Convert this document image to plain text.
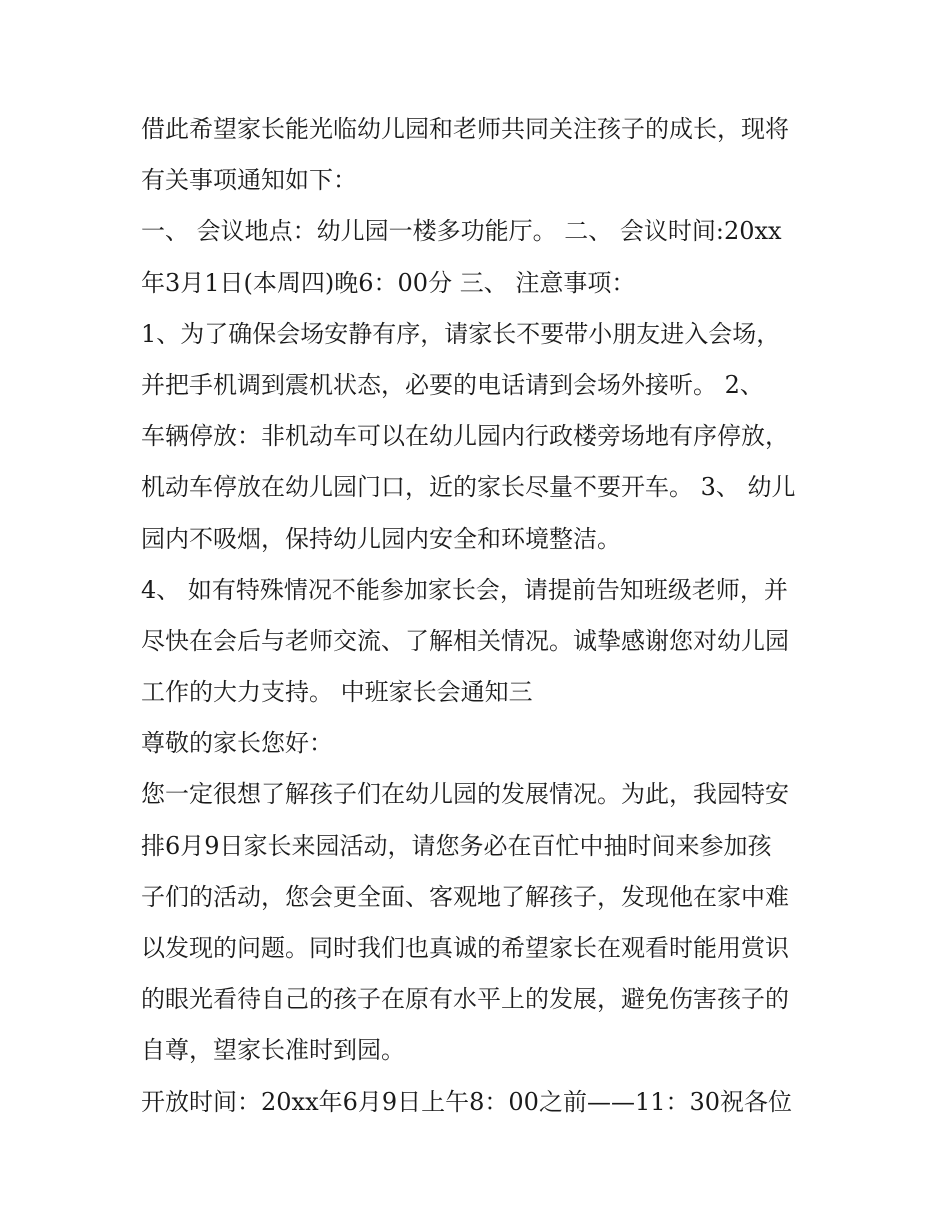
借此希望家长能光临幼儿园和老师共同关注孩子的成长，现将
有关事项通知如下：
一、 会议地点：幼儿园一楼多功能厅。 二、 会议时间:20xx
年3月1日(本周四)晚6：00分 三、 注意事项：
1、为了确保会场安静有序，请家长不要带小朋友进入会场，
并把手机调到震机状态，必要的电话请到会场外接听。 2、
车辆停放：非机动车可以在幼儿园内行政楼旁场地有序停放，
机动车停放在幼儿园门口，近的家长尽量不要开车。 3、 幼儿
园内不吸烟，保持幼儿园内安全和环境整洁。
4、 如有特殊情况不能参加家长会，请提前告知班级老师，并
尽快在会后与老师交流、了解相关情况。诚挚感谢您对幼儿园
工作的大力支持。 中班家长会通知三
尊敬的家长您好：
您一定很想了解孩子们在幼儿园的发展情况。为此，我园特安
排6月9日家长来园活动，请您务必在百忙中抽时间来参加孩
子们的活动，您会更全面、客观地了解孩子，发现他在家中难
以发现的问题。同时我们也真诚的希望家长在观看时能用赏识
的眼光看待自己的孩子在原有水平上的发展，避免伤害孩子的
自尊，望家长准时到园。
开放时间：20xx年6月9日上午8：00之前——11：30祝各位
